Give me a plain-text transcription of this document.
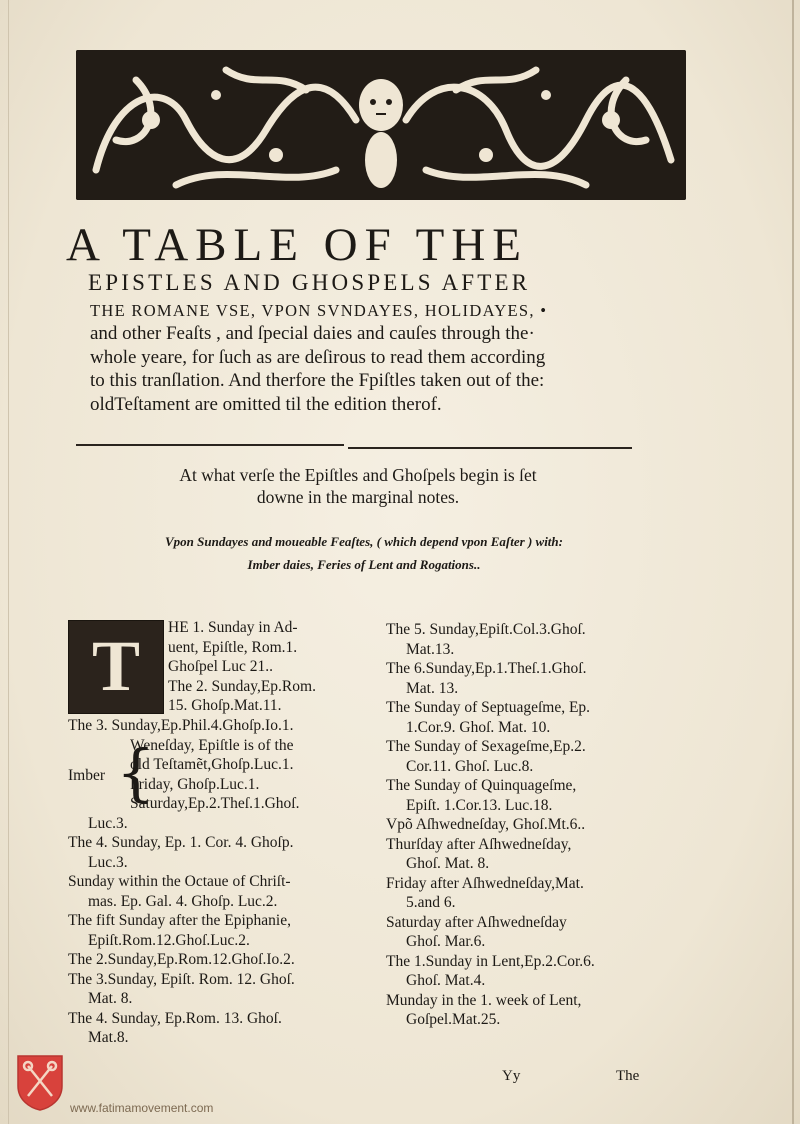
A TABLE OF THE
EPISTLES AND GHOSPELS AFTER
THE ROMANE VSE, VPON SVNDAYES, HOLIDAYES, •
and other Feaſts , and ſpecial daies and cauſes through the·
whole yeare, for ſuch as are deſirous to read them according
to this tranſlation. And therfore the Fpiſtles taken out of the:
oldTeſtament are omitted til the edition therof.
At what verſe the Epiſtles and Ghoſpels begin is ſet
downe in the marginal notes.
Vpon Sundayes and moueable Feaſtes, ( which depend vpon Eaſter ) with:
Imber daies, Feries of Lent and Rogations..
T HE 1. Sunday in Ad-
uent, Epiſtle, Rom.1.
Ghoſpel Luc 21..
The 2. Sunday,Ep.Rom.
15. Ghoſp.Mat.11.
The 3. Sunday,Ep.Phil.4.Ghoſp.Io.1.
Imber {
Weneſday, Epiſtle is of the
old Teſtamẽt,Ghoſp.Luc.1.
Friday, Ghoſp.Luc.1.
Saturday,Ep.2.Theſ.1.Ghoſ.
Luc.3.
The 4. Sunday, Ep. 1. Cor. 4. Ghoſp.
Luc.3.
Sunday within the Octaue of Chriſt-
mas. Ep. Gal. 4. Ghoſp. Luc.2.
The fift Sunday after the Epiphanie,
Epiſt.Rom.12.Ghoſ.Luc.2.
The 2.Sunday,Ep.Rom.12.Ghoſ.Io.2.
The 3.Sunday, Epiſt. Rom. 12. Ghoſ.
Mat. 8.
The 4. Sunday, Ep.Rom. 13. Ghoſ.
Mat.8.
The 5. Sunday,Epiſt.Col.3.Ghoſ.
Mat.13.
The 6.Sunday,Ep.1.Theſ.1.Ghoſ.
Mat. 13.
The Sunday of Septuageſme, Ep.
1.Cor.9. Ghoſ. Mat. 10.
The Sunday of Sexageſme,Ep.2.
Cor.11. Ghoſ. Luc.8.
The Sunday of Quinquageſme,
Epiſt. 1.Cor.13. Luc.18.
Vpõ Aſhwedneſday, Ghoſ.Mt.6..
Thurſday after Aſhwedneſday,
Ghoſ. Mat. 8.
Friday after Aſhwedneſday,Mat.
5.and 6.
Saturday after Aſhwedneſday
Ghoſ. Mar.6.
The 1.Sunday in Lent,Ep.2.Cor.6.
Ghoſ. Mat.4.
Munday in the 1. week of Lent,
Goſpel.Mat.25.
Yy	The
www.fatimamovement.com
